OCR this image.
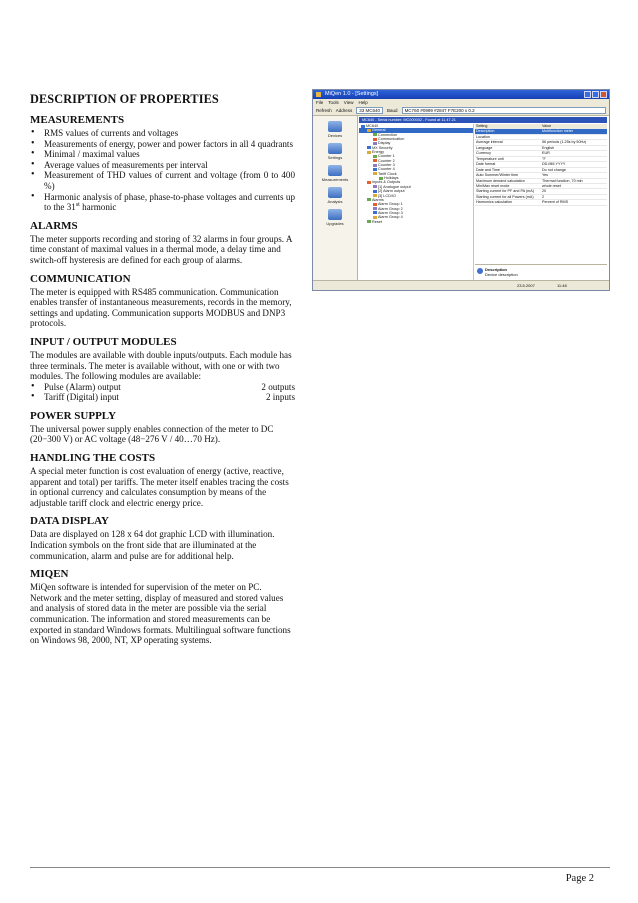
DESCRIPTION OF PROPERTIES
MEASUREMENTS
• RMS values of currents and voltages
• Measurements of energy, power and power factors in all 4 quadrants
• Minimal / maximal values
• Average values of measurements per interval
• Measurement of THD values of current and voltage (from 0 to 400 %)
• Harmonic analysis of phase, phase-to-phase voltages and currents up to the 31st harmonic
ALARMS

The meter supports recording and storing of 32 alarms in four groups. A time constant of maximal values in a thermal mode, a delay time and switch-off hysteresis are defined for each group of alarms.

COMMUNICATION

The meter is equipped with RS485 communication. Communication enables transfer of instantaneous measurements, records in the memory, settings and updating. Communication supports MODBUS and DNP3 protocols.

INPUT / OUTPUT MODULES

The modules are available with double inputs/outputs. Each module has three terminals. The meter is available without, with one or with two modules. The following modules are available:

• Pulse (Alarm) output	2 outputs
• Tariff (Digital) input	2 inputs
POWER SUPPLY

The universal power supply enables connection of the meter to DC (20−300 V) or AC voltage (48−276 V / 40…70 Hz).

HANDLING THE COSTS

A special meter function is cost evaluation of energy (active, reactive, apparent and total) per tariffs. The meter itself enables tracing the costs in optional currency and calculates consumption by means of the adjustable tariff clock and electric energy price.

DATA DISPLAY

Data are displayed on 128 x 64 dot graphic LCD with illumination. Indication symbols on the front side that are illuminated at the communication, alarm and pulse are for additional help.

MIQEN

MiQen software is intended for supervision of the meter on PC. Network and the meter setting, display of measured and stored values and analysis of stored data in the meter are possible via the serial communication. The information and stored measurements can be exported in standard Windows formats. Multilingual software functions on Windows 98, 2000, NT, XP operating systems.

MiQen 1.0 - [Settings]
File Tools View Help
Refresh Address	33 MC640	Baud	MC760 #0999 #2847 F7E200 x 0.2
Devices
Settings
Measurements
Analysis
Upgrades
MC640 - Serial number: MC000002 - Found at 11.47.21
MC640
General
Connection
Communication
Display
MX Security
Energy
Counter 1
Counter 2
Counter 3
Counter 4
Tariff Clock
Holidays
Inputs & Outputs
[1] Analogue output
[2] Alarm output
[3] LCD/IO
Alarms
Alarm Group 1
Alarm Group 2
Alarm Group 3
Alarm Group 4
Reset
Setting	Value
Description	Multifunction meter
Location
Average interval	56 periods (1.25s by 50Hz)
Language	English
Currency	EUR
Temperature unit	°F
Date format	DD.MM.YYYY
Date and Time	Do not change
Auto Summer/Winter time	Yes
Maximum demand calculation	Thermal function, 70 min
Min/Max reset mode	whole reset
Starting current for PF and PA (mA)	20
Starting current for all Powers (mA)	2
Harmonics calculation	Percent of RMS
Description
Device description
23.5.2007	11:48
Page 2
